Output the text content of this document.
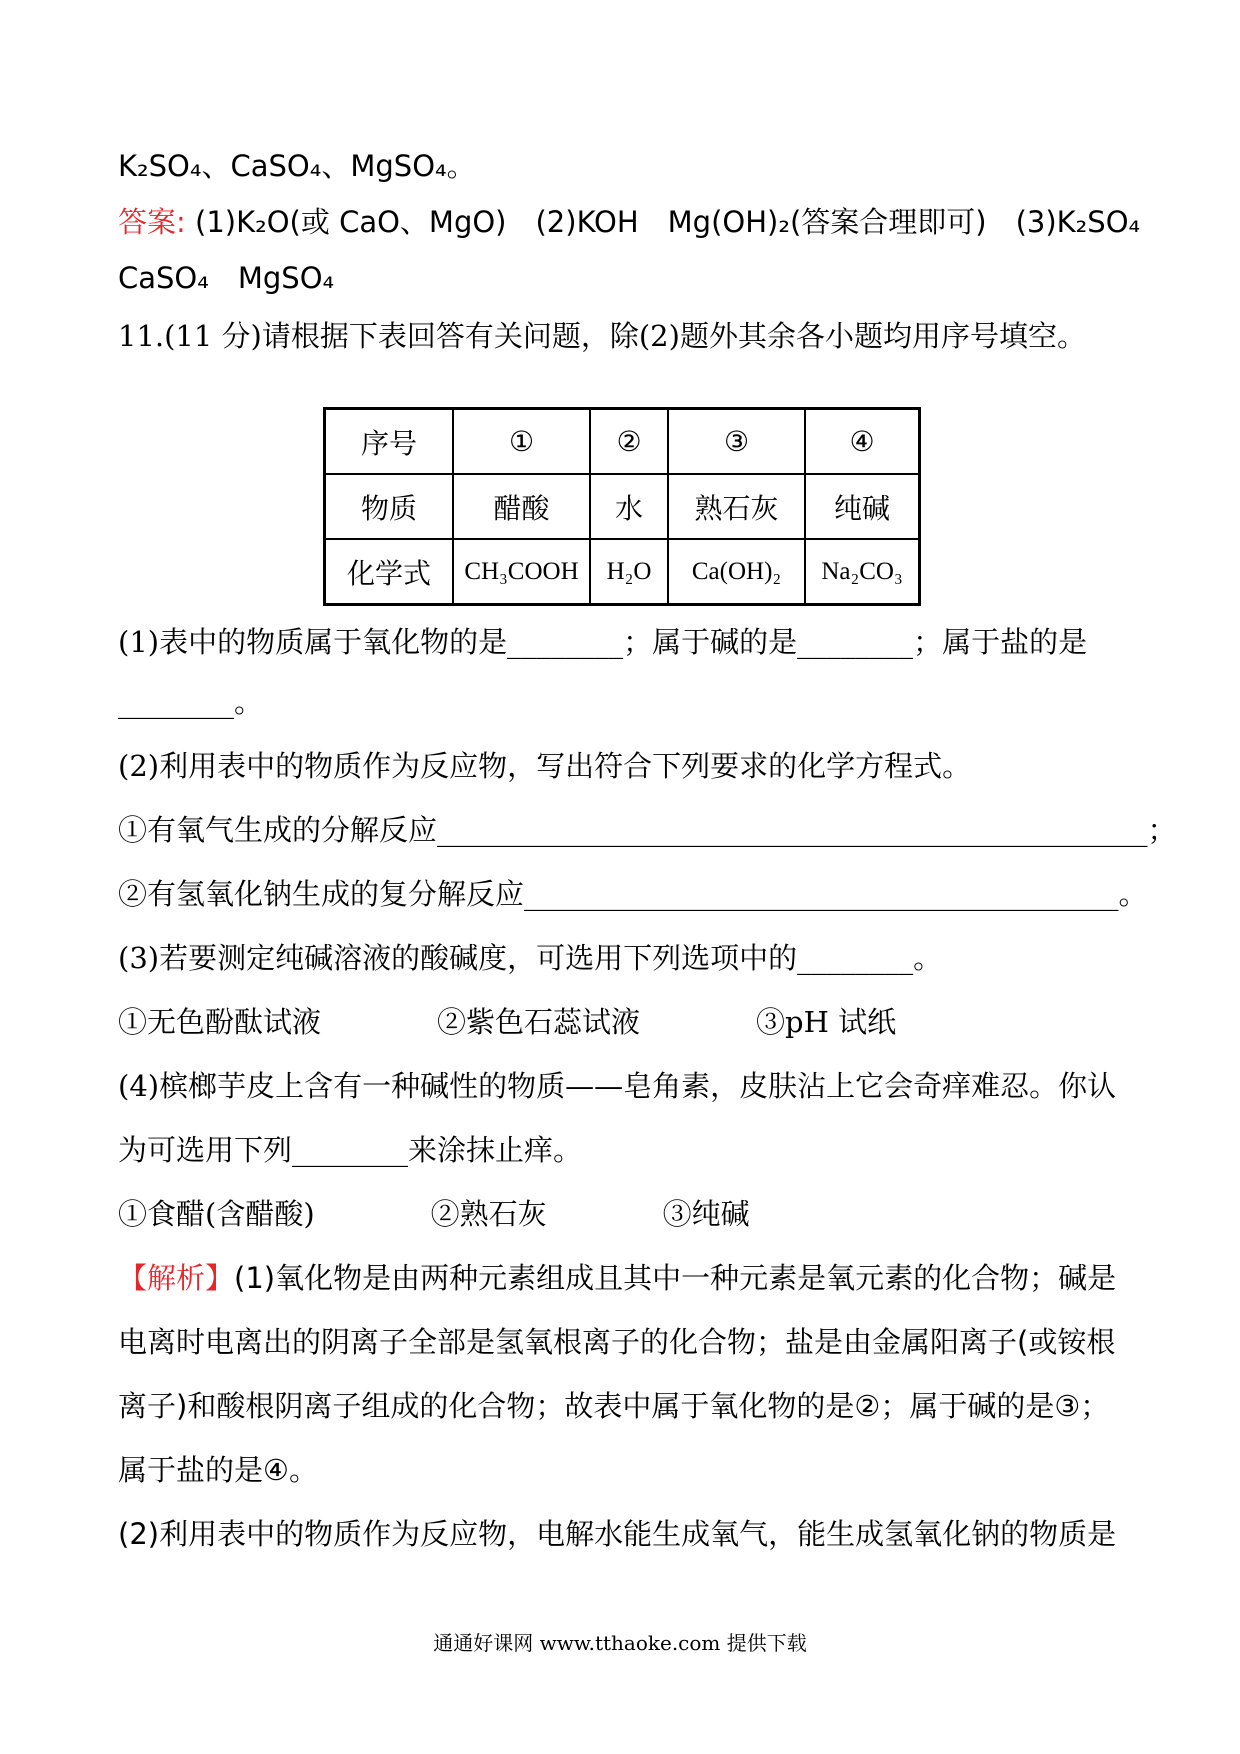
K₂SO₄、CaSO₄、MgSO₄。
答案: (1)K₂O(或 CaO、MgO)　(2)KOH　Mg(OH)₂(答案合理即可)　(3)K₂SO₄
CaSO₄　MgSO₄
11.(11 分)请根据下表回答有关问题，除(2)题外其余各小题均用序号填空。
序号	①	②	③	④
物质	醋酸	水	熟石灰	纯碱
化学式	CH₃COOH	H₂O	Ca(OH)₂	Na₂CO₃
(1)表中的物质属于氧化物的是________；属于碱的是________；属于盐的是
________。
(2)利用表中的物质作为反应物，写出符合下列要求的化学方程式。
①有氧气生成的分解反应_________________________________________________；
②有氢氧化钠生成的复分解反应_________________________________________。
(3)若要测定纯碱溶液的酸碱度，可选用下列选项中的________。
①无色酚酞试液　　　　②紫色石蕊试液　　　　③pH 试纸
(4)槟榔芋皮上含有一种碱性的物质——皂角素，皮肤沾上它会奇痒难忍。你认
为可选用下列________来涂抹止痒。
①食醋(含醋酸)　　　　②熟石灰　　　　③纯碱
【解析】(1)氧化物是由两种元素组成且其中一种元素是氧元素的化合物；碱是
电离时电离出的阴离子全部是氢氧根离子的化合物；盐是由金属阳离子(或铵根
离子)和酸根阴离子组成的化合物；故表中属于氧化物的是②；属于碱的是③；
属于盐的是④。
(2)利用表中的物质作为反应物，电解水能生成氧气，能生成氢氧化钠的物质是
通通好课网 www.tthaoke.com 提供下载
